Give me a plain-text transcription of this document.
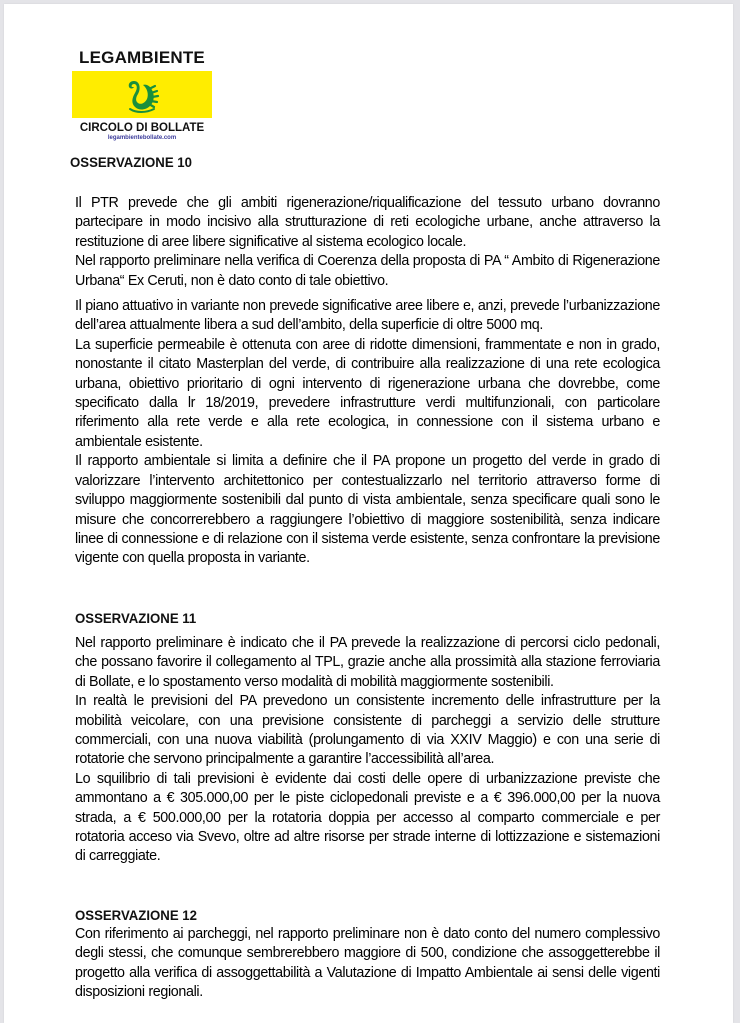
LEGAMBIENTE
CIRCOLO DI BOLLATE
legambientebollate.com
OSSERVAZIONE 10

Il PTR prevede che gli ambiti rigenerazione/riqualificazione del tessuto urbano dovranno partecipare in modo incisivo alla strutturazione di reti ecologiche urbane, anche attraverso la restituzione di aree libere significative al sistema ecologico locale.

Nel rapporto preliminare nella verifica di Coerenza della proposta di PA “ Ambito di Rigenerazione Urbana“ Ex Ceruti, non è dato conto di tale obiettivo.

Il piano attuativo in variante non prevede significative aree libere e, anzi, prevede l’urbanizzazione dell’area attualmente libera a sud dell’ambito, della superficie di oltre 5000 mq.

La superficie permeabile è ottenuta con aree di ridotte dimensioni, frammentate e non in grado, nonostante il citato Masterplan del verde, di contribuire alla realizzazione di una rete ecologica urbana, obiettivo prioritario di ogni intervento di rigenerazione urbana che dovrebbe, come specificato dalla lr 18/2019, prevedere infrastrutture verdi multifunzionali, con particolare riferimento alla rete verde e alla rete ecologica, in connessione con il sistema urbano e ambientale esistente.

Il rapporto ambientale si limita a definire che il PA propone un progetto del verde in grado di valorizzare l’intervento architettonico per contestualizzarlo nel territorio attraverso forme di sviluppo maggiormente sostenibili dal punto di vista ambientale, senza specificare quali sono le misure che concorrerebbero a raggiungere l’obiettivo di maggiore sostenibilità, senza indicare linee di connessione e di relazione con il sistema verde esistente, senza confrontare la previsione vigente con quella proposta in variante.

OSSERVAZIONE 11

Nel rapporto preliminare è indicato che il PA prevede la realizzazione di percorsi ciclo pedonali, che possano favorire il collegamento al TPL, grazie anche alla prossimità alla stazione ferroviaria di Bollate, e lo spostamento verso modalità di mobilità maggiormente sostenibili.

In realtà le previsioni del PA prevedono un consistente incremento delle infrastrutture per la mobilità veicolare, con una previsione consistente di parcheggi a servizio delle strutture commerciali, con una nuova viabilità (prolungamento di via XXIV Maggio) e con una serie di rotatorie che servono principalmente a garantire l’accessibilità all’area.

Lo squilibrio di tali previsioni è evidente dai costi delle opere di urbanizzazione previste che ammontano a € 305.000,00 per le piste ciclopedonali previste e a € 396.000,00 per la nuova strada, a € 500.000,00 per la rotatoria doppia per accesso al comparto commerciale e per rotatoria acceso via Svevo, oltre ad altre risorse per strade interne di lottizzazione e sistemazioni di carreggiate.

OSSERVAZIONE 12

Con riferimento ai parcheggi, nel rapporto preliminare non è dato conto del numero complessivo degli stessi, che comunque sembrerebbero maggiore di 500, condizione che assoggetterebbe il progetto alla verifica di assoggettabilità a Valutazione di Impatto Ambientale ai sensi delle vigenti disposizioni regionali.
